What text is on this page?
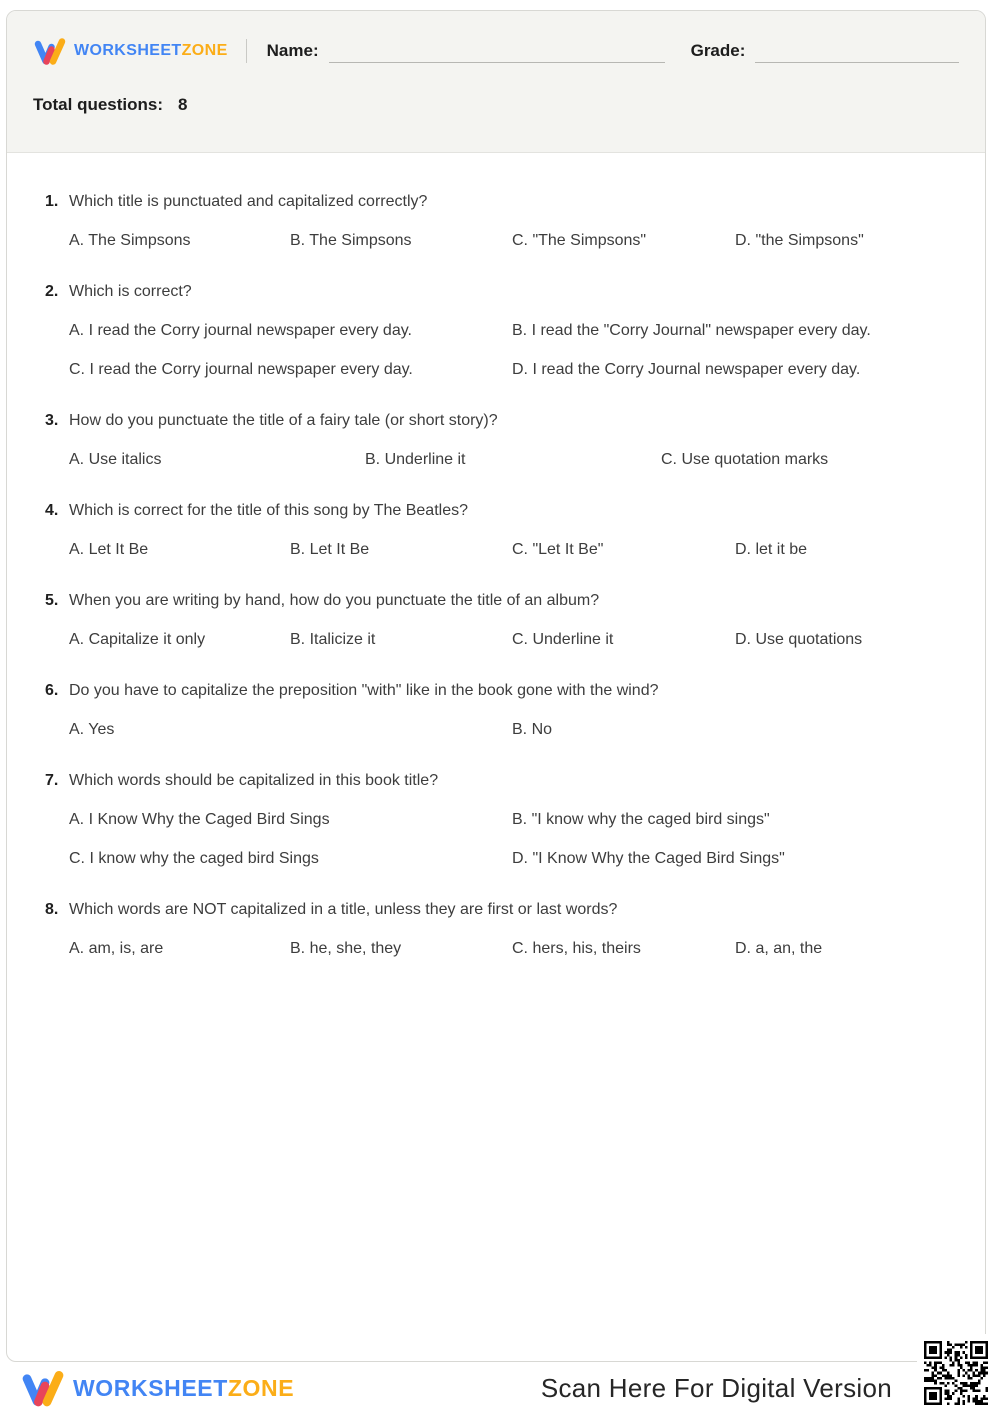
WORKSHEETZONE Name:	Grade:
Total questions: 8
1. Which title is punctuated and capitalized correctly?
A. The Simpsons	B. The Simpsons	C. "The Simpsons"	D. "the Simpsons"
2. Which is correct?
A. I read the Corry journal newspaper every day.	B. I read the "Corry Journal" newspaper every day.
C. I read the Corry journal newspaper every day.	D. I read the Corry Journal newspaper every day.
3. How do you punctuate the title of a fairy tale (or short story)?
A. Use italics	B. Underline it	C. Use quotation marks
4. Which is correct for the title of this song by The Beatles?
A. Let It Be	B. Let It Be	C. "Let It Be"	D. let it be
5. When you are writing by hand, how do you punctuate the title of an album?
A. Capitalize it only	B. Italicize it	C. Underline it	D. Use quotations
6. Do you have to capitalize the preposition "with" like in the book gone with the wind?
A. Yes	B. No
7. Which words should be capitalized in this book title?
A. I Know Why the Caged Bird Sings	B. "I know why the caged bird sings"
C. I know why the caged bird Sings	D. "I Know Why the Caged Bird Sings"
8. Which words are NOT capitalized in a title, unless they are first or last words?
A. am, is, are	B. he, she, they	C. hers, his, theirs	D. a, an, the
WORKSHEETZONE	Scan Here For Digital Version
